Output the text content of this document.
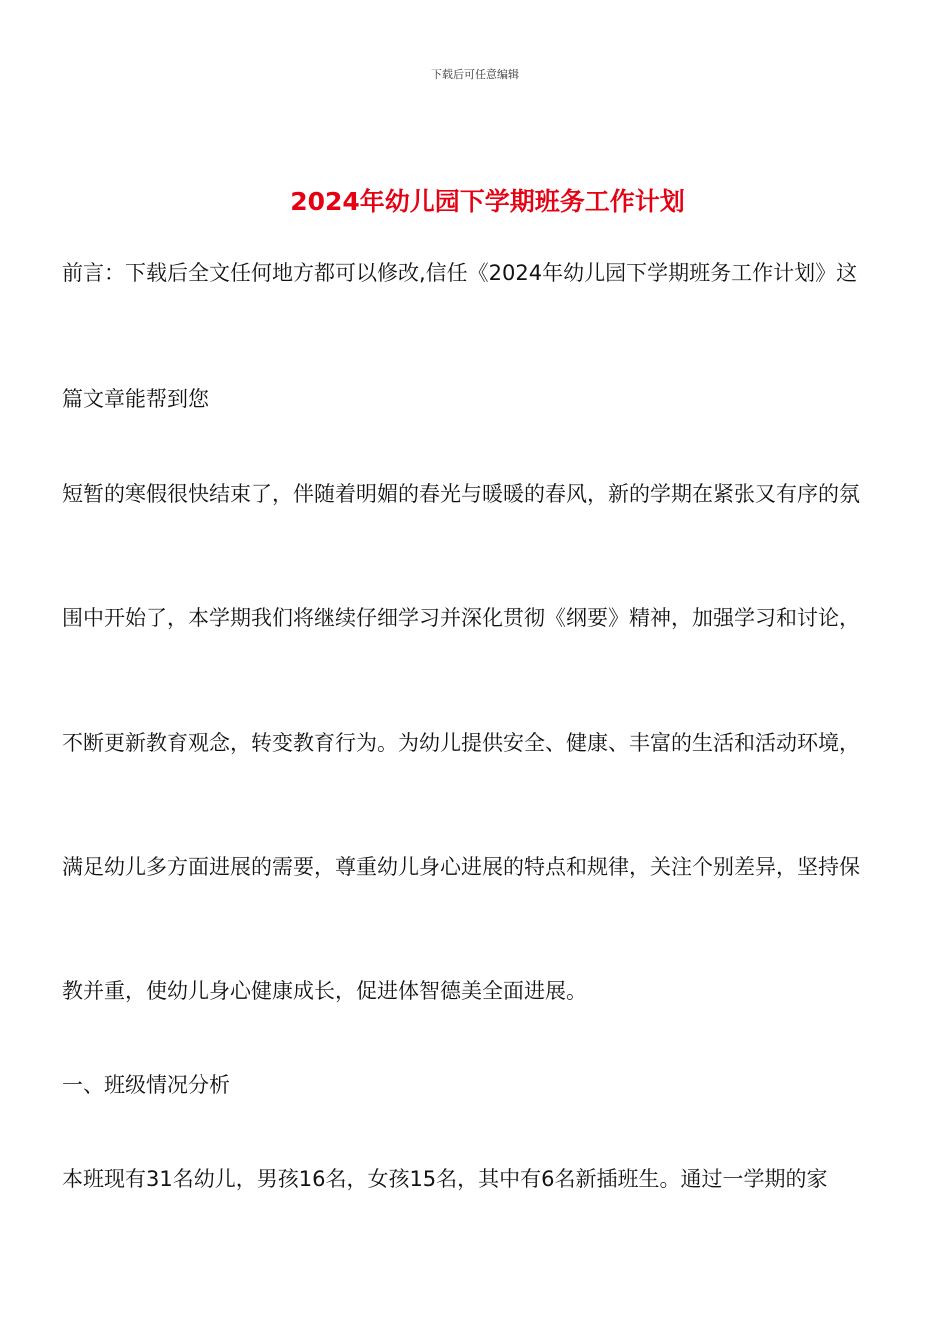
下载后可任意编辑
2024年幼儿园下学期班务工作计划
前言：下载后全文任何地方都可以修改,信任《2024年幼儿园下学期班务工作计划》这
篇文章能帮到您
短暂的寒假很快结束了，伴随着明媚的春光与暖暖的春风，新的学期在紧张又有序的氛
围中开始了，本学期我们将继续仔细学习并深化贯彻《纲要》精神，加强学习和讨论，
不断更新教育观念，转变教育行为。为幼儿提供安全、健康、丰富的生活和活动环境，
满足幼儿多方面进展的需要，尊重幼儿身心进展的特点和规律，关注个别差异，坚持保
教并重，使幼儿身心健康成长，促进体智德美全面进展。
一、班级情况分析
本班现有31名幼儿，男孩16名，女孩15名，其中有6名新插班生。通过一学期的家
